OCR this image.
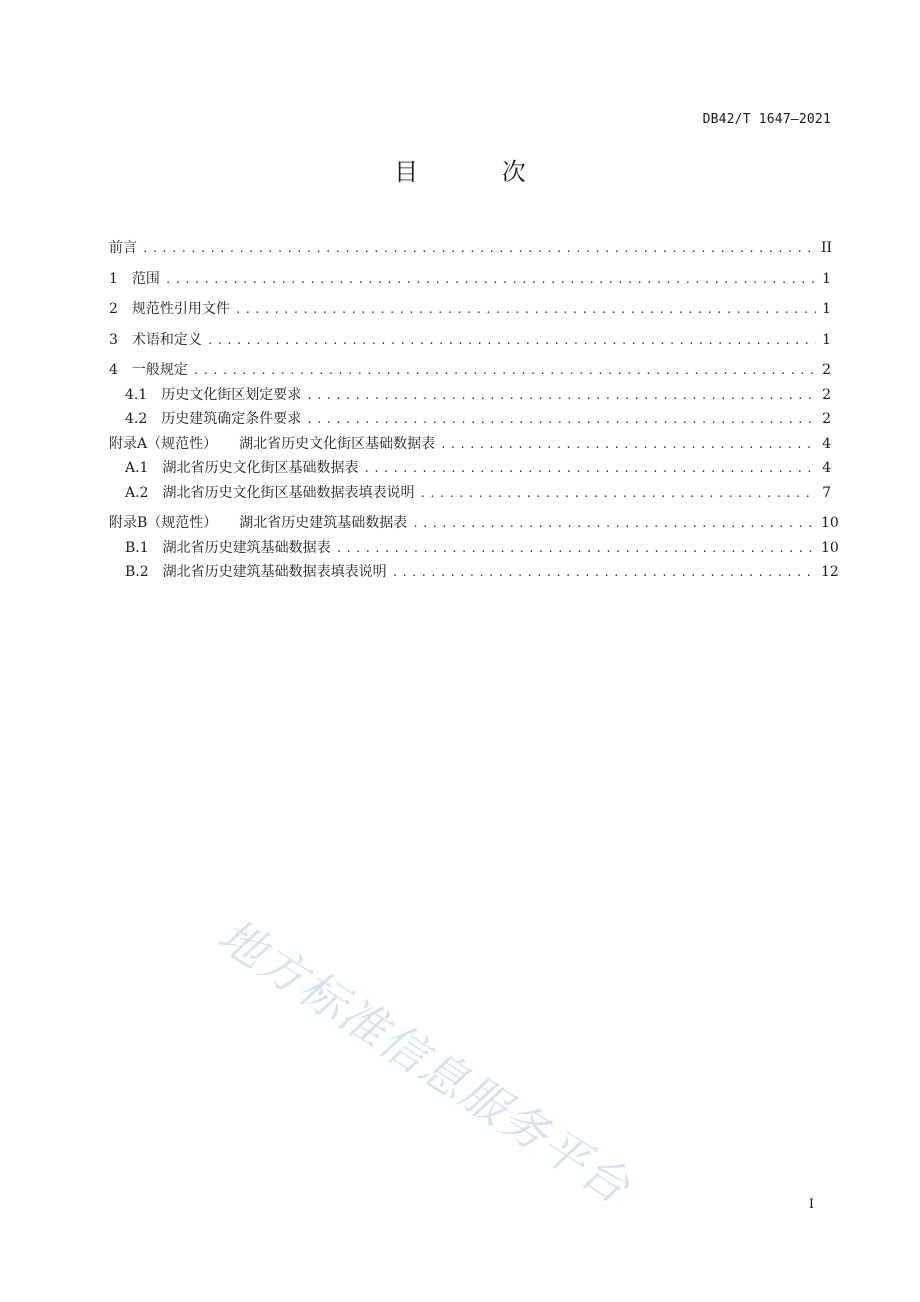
DB42/T 1647—2021
目 次
前言 .....	II
1 范围 .....	1
2 规范性引用文件 .....	1
3 术语和定义 .....	1
4 一般规定 .....	2
4.1 历史文化街区划定要求 .....	2
4.2 历史建筑确定条件要求 .....	2
附录A（规范性） 湖北省历史文化街区基础数据表 .....	4
A.1 湖北省历史文化街区基础数据表 .....	4
A.2 湖北省历史文化街区基础数据表填表说明 .....	7
附录B（规范性） 湖北省历史建筑基础数据表 .....	10
B.1 湖北省历史建筑基础数据表 .....	10
B.2 湖北省历史建筑基础数据表填表说明 .....	12
地方标准信息服务平台	I
